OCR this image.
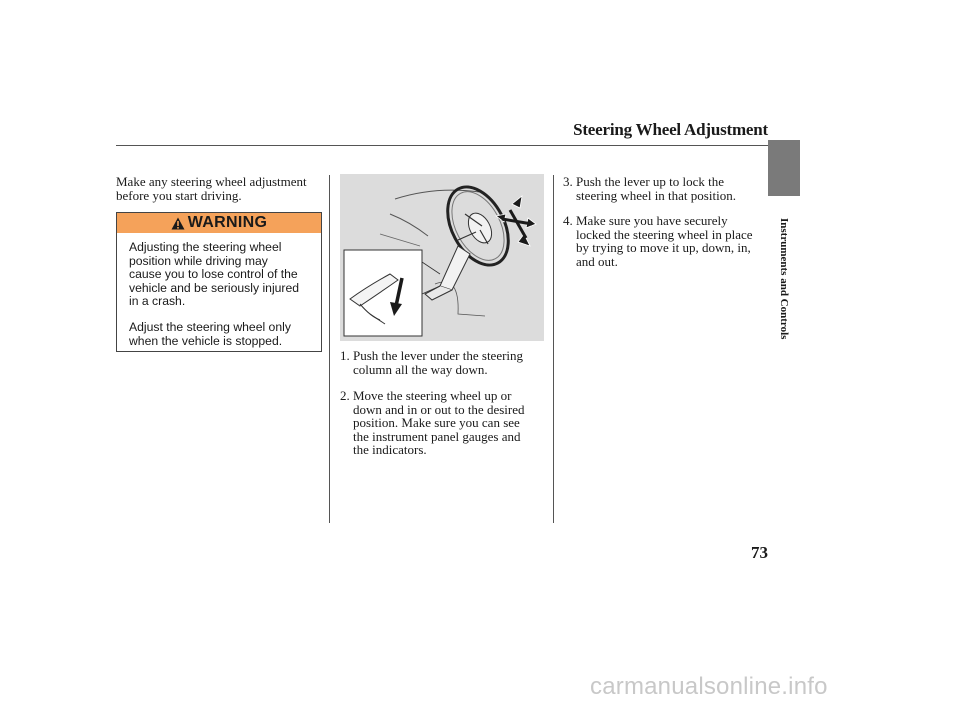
Steering Wheel Adjustment
Make any steering wheel adjustment
before you start driving.
WARNING
Adjusting the steering wheel
position while driving may
cause you to lose control of the
vehicle and be seriously injured
in a crash.
Adjust the steering wheel only
when the vehicle is stopped.
1. Push the lever under the steering
column all the way down.
2. Move the steering wheel up or
down and in or out to the desired
position. Make sure you can see
the instrument panel gauges and
the indicators.
3. Push the lever up to lock the
steering wheel in that position.
4. Make sure you have securely
locked the steering wheel in place
by trying to move it up, down, in,
and out.	Instruments and Controls
73
carmanualsonline.info
